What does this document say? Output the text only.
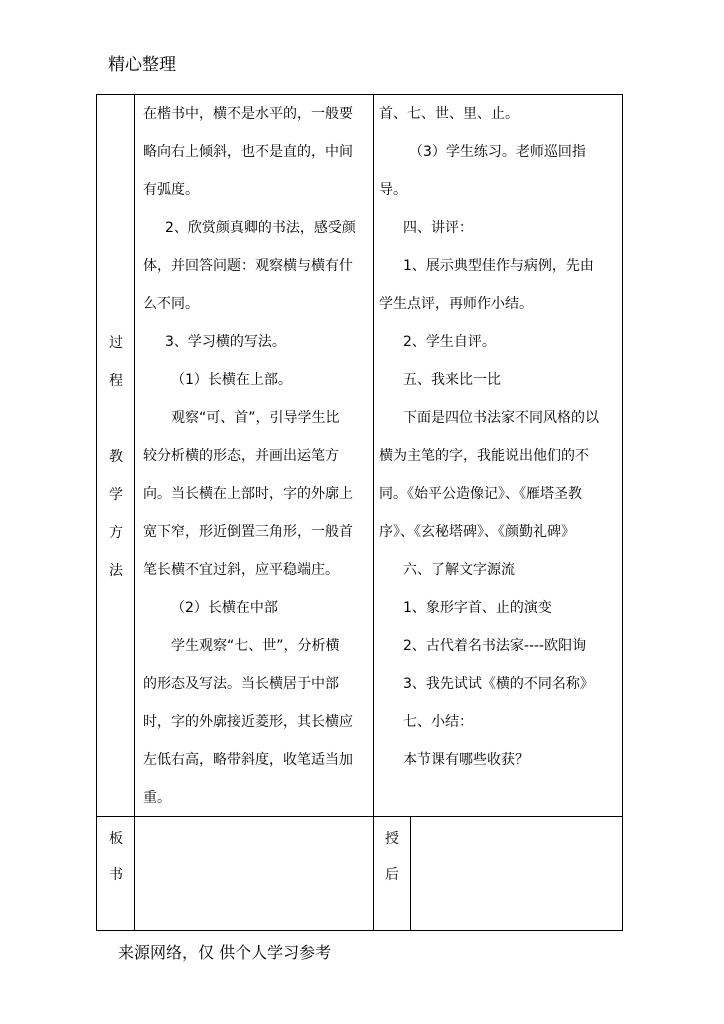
精心整理
过
程
教
学
方
法
在楷书中，横不是水平的，一般要
略向右上倾斜，也不是直的，中间
有弧度。
2、欣赏颜真卿的书法，感受颜
体，并回答问题：观察横与横有什
么不同。
3、学习横的写法。
（1）长横在上部。
观察“可、首”，引导学生比
较分析横的形态，并画出运笔方
向。当长横在上部时，字的外廓上
宽下窄，形近倒置三角形，一般首
笔长横不宜过斜，应平稳端庄。
（2）长横在中部
学生观察“七、世”，分析横
的形态及写法。当长横居于中部
时，字的外廓接近菱形，其长横应
左低右高，略带斜度，收笔适当加
重。
首、七、世、里、止。
（3）学生练习。老师巡回指
导。
四、讲评：
1、展示典型佳作与病例，先由
学生点评，再师作小结。
2、学生自评。
五、我来比一比
下面是四位书法家不同风格的以
横为主笔的字，我能说出他们的不
同。《始平公造像记》、《雁塔圣教
序》、《玄秘塔碑》、《颜勤礼碑》
六、了解文字源流
1、象形字首、止的演变
2、古代着名书法家----欧阳询
3、我先试试《横的不同名称》
七、小结：
本节课有哪些收获？
板
书
授
后
来源网络，仅 供个人学习参考
